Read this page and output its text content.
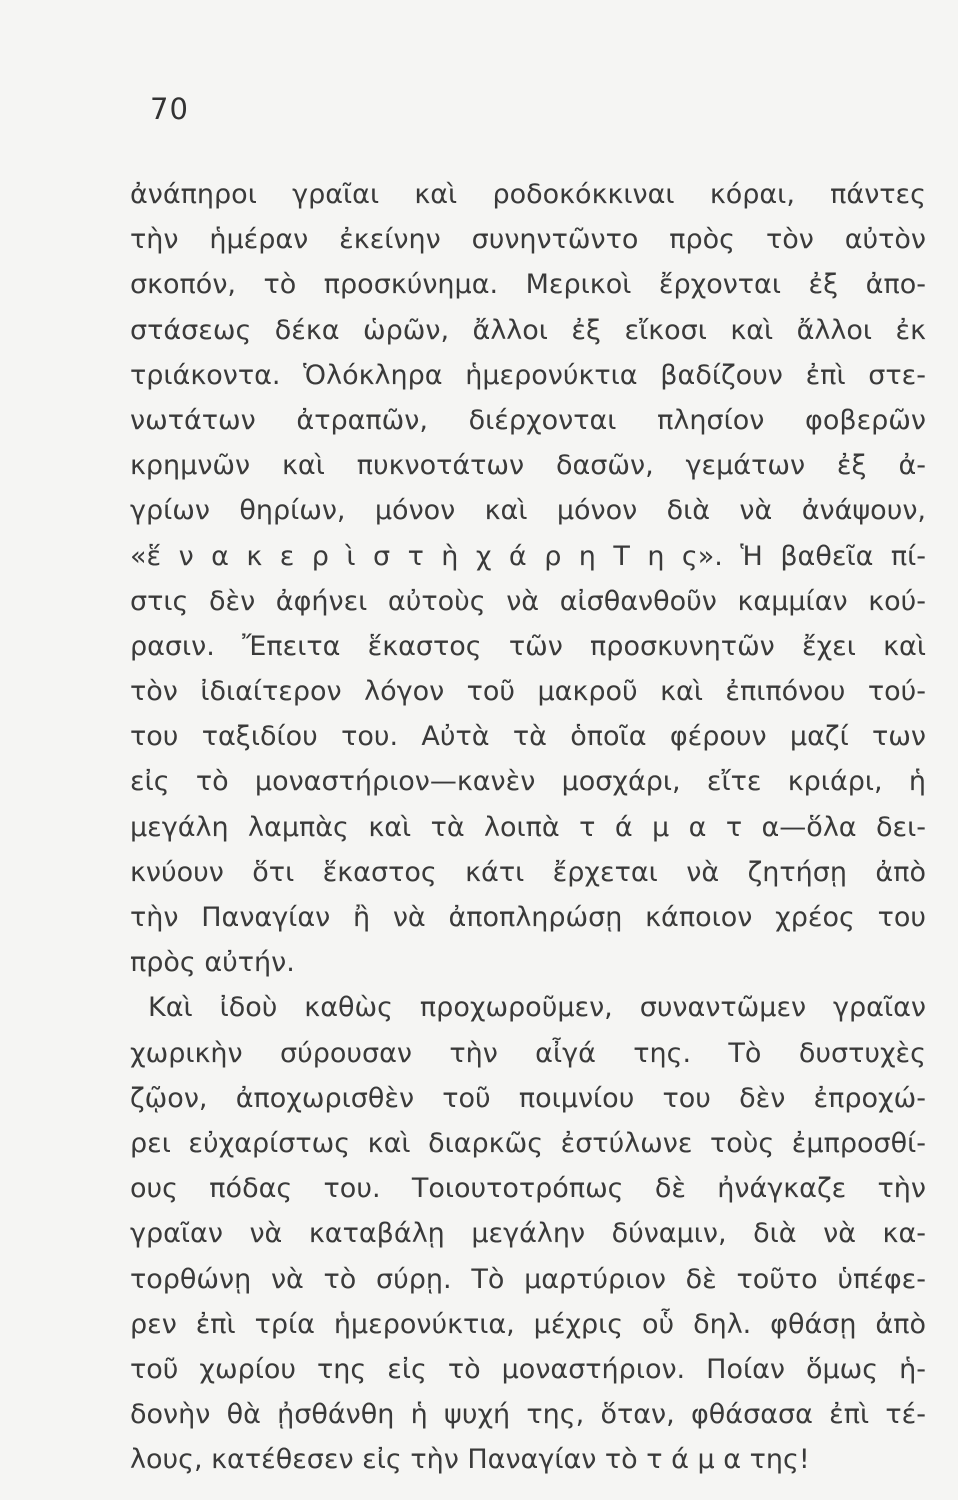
70
ἀνάπηροι γραῖαι καὶ ροδοκόκκιναι κόραι, πάντες
τὴν ἡμέραν ἐκείνην συνηντῶντο πρὸς τὸν αὐτὸν
σκοπόν, τὸ προσκύνημα. Μερικοὶ ἔρχονται ἐξ ἀπο-
στάσεως δέκα ὡρῶν, ἄλλοι ἐξ εἴκοσι καὶ ἄλλοι ἐκ
τριάκοντα. Ὁλόκληρα ἡμερονύκτια βαδίζουν ἐπὶ στε-
νωτάτων ἀτραπῶν, διέρχονται πλησίον φοβερῶν
κρημνῶν καὶ πυκνοτάτων δασῶν, γεμάτων ἐξ ἀ-
γρίων θηρίων, μόνον καὶ μόνον διὰ νὰ ἀνάψουν,
«ἕ ν α κ ε ρ ὶ σ τ ὴ χ ά ρ η Τ η ς». Ἡ βαθεῖα πί-
στις δὲν ἀφήνει αὐτοὺς νὰ αἰσθανθοῦν καμμίαν κού-
ρασιν. Ἔπειτα ἕκαστος τῶν προσκυνητῶν ἔχει καὶ
τὸν ἰδιαίτερον λόγον τοῦ μακροῦ καὶ ἐπιπόνου τού-
του ταξιδίου του. Αὐτὰ τὰ ὁποῖα φέρουν μαζί των
εἰς τὸ μοναστήριον—κανὲν μοσχάρι, εἴτε κριάρι, ἡ
μεγάλη λαμπὰς καὶ τὰ λοιπὰ τ ά μ α τ α—ὅλα δει-
κνύουν ὅτι ἕκαστος κάτι ἔρχεται νὰ ζητήσῃ ἀπὸ
τὴν Παναγίαν ἢ νὰ ἀποπληρώσῃ κάποιον χρέος του
πρὸς αὐτήν.
Καὶ ἰδοὺ καθὼς προχωροῦμεν, συναντῶμεν γραῖαν
χωρικὴν σύρουσαν τὴν αἶγά της. Τὸ δυστυχὲς
ζῷον, ἀποχωρισθὲν τοῦ ποιμνίου του δὲν ἐπροχώ-
ρει εὐχαρίστως καὶ διαρκῶς ἐστύλωνε τοὺς ἐμπροσθί-
ους πόδας του. Τοιουτοτρόπως δὲ ἠνάγκαζε τὴν
γραῖαν νὰ καταβάλῃ μεγάλην δύναμιν, διὰ νὰ κα-
τορθώνῃ νὰ τὸ σύρῃ. Τὸ μαρτύριον δὲ τοῦτο ὑπέφε-
ρεν ἐπὶ τρία ἡμερονύκτια, μέχρις οὗ δηλ. φθάσῃ ἀπὸ
τοῦ χωρίου της εἰς τὸ μοναστήριον. Ποίαν ὅμως ἡ-
δονὴν θὰ ᾐσθάνθη ἡ ψυχή της, ὅταν, φθάσασα ἐπὶ τέ-
λους, κατέθεσεν εἰς τὴν Παναγίαν τὸ τ ά μ α της!
